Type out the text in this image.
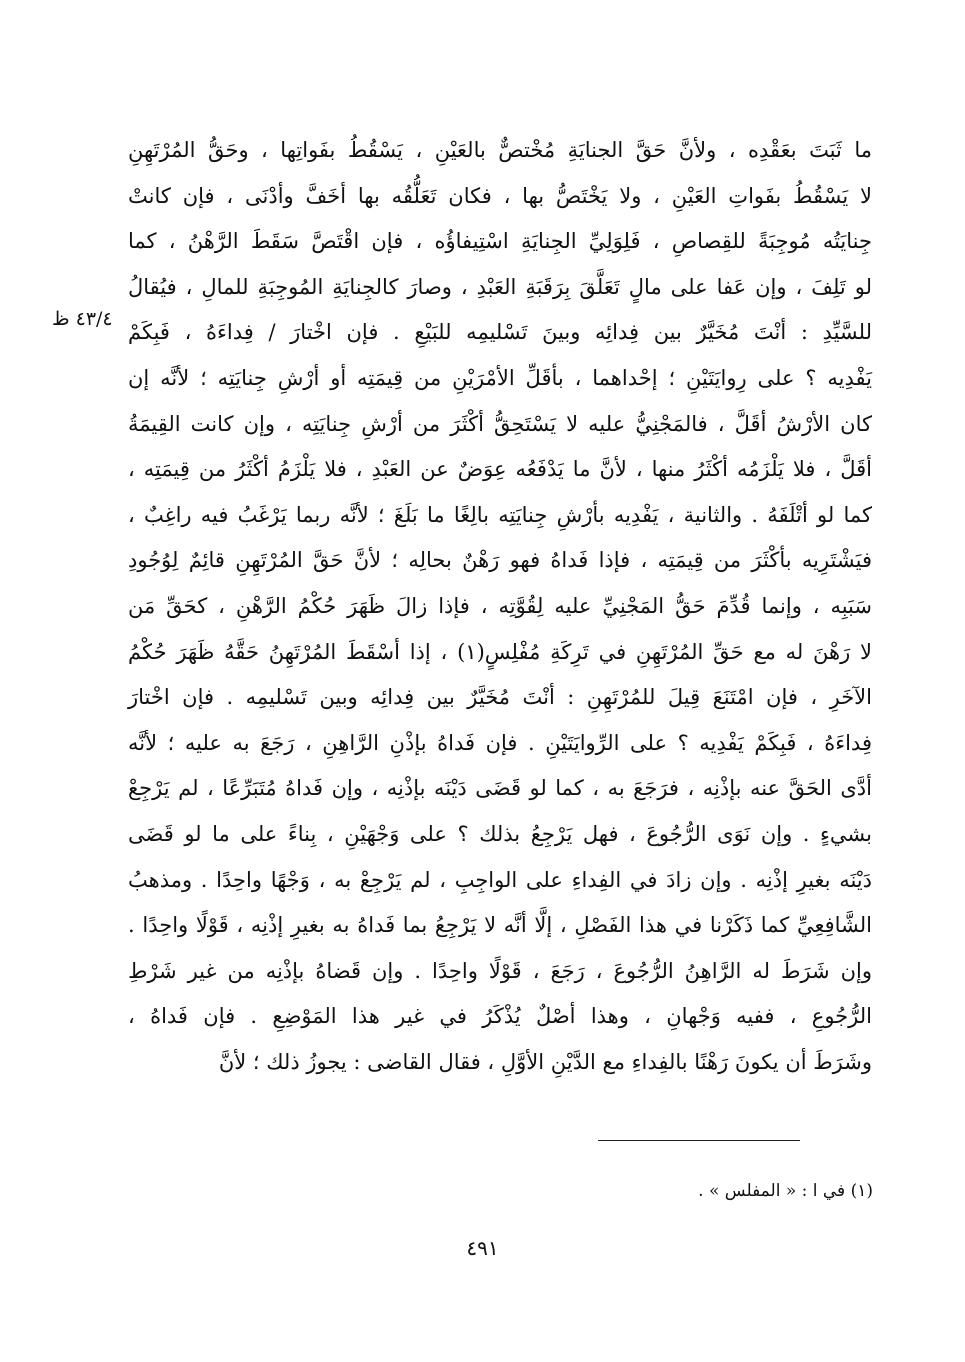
ما ثَبَتَ بعَقْدِه ، ولأنَّ حَقَّ الجنايَةِ مُخْتصٌّ بالعَيْنِ ، يَسْقُطُ بفَواتِها ، وحَقُّ المُرْتَهِنِ
لا يَسْقُطُ بفَواتِ العَيْنِ ، ولا يَخْتَصُّ بها ، فكان تَعَلُّقُه بها أخَفَّ وأدْنَى ، فإن كانتْ
جِنايَتُه مُوجِبَةً للقِصاصِ ، فَلِوَلِيِّ الجِنايَةِ اسْتِيفاؤُه ، فإن اقْتَصَّ سَقَطَ الرَّهْنُ ، كما
لو تَلِفَ ، وإن عَفا على مالٍ تَعَلَّقَ بِرَقَبَةِ العَبْدِ ، وصارَ كالجِنايَةِ المُوجِبَةِ للمالِ ، فيُقالُ
للسَّيِّدِ : أنْتَ مُخَيَّرٌ بين فِدائِه وبينَ تَسْليمِه للبَيْعِ . فإن اخْتارَ / فِداءَهُ ، فَبِكَمْ
يَفْدِيه ؟ على رِوايَتَيْنِ ؛ إحْداهما ، بأقَلِّ الأمْرَيْنِ من قِيمَتِه أو أرْشِ جِنايَتِه ؛ لأنَّه إن
كان الأرْشُ أقَلَّ ، فالمَجْنِيُّ عليه لا يَسْتَحِقُّ أكْثَرَ من أرْشِ جِنايَتِه ، وإن كانت القِيمَةُ
أقَلَّ ، فلا يَلْزَمُه أكْثَرُ منها ، لأنَّ ما يَدْفَعُه عِوَضٌ عن العَبْدِ ، فلا يَلْزَمُ أكْثَرُ من قِيمَتِه ،
كما لو أتْلَفَهُ . والثانية ، يَفْدِيه بأرْشِ جِنايَتِه بالِغًا ما بَلَغَ ؛ لأنَّه ربما يَرْغَبُ فيه راغِبٌ ،
فيَشْتَرِيه بأكْثَرَ من قِيمَتِه ، فإذا فَداهُ فهو رَهْنٌ بحالِه ؛ لأنَّ حَقَّ المُرْتَهِنِ قائِمٌ لِوُجُودِ
سَبَبِه ، وإنما قُدِّمَ حَقُّ المَجْنِيِّ عليه لِقُوَّتِه ، فإذا زالَ ظَهَرَ حُكْمُ الرَّهْنِ ، كحَقِّ مَن
لا رَهْنَ له مع حَقِّ المُرْتَهِنِ في تَرِكَةِ مُفْلِسٍ(١) ، إذا أسْقَطَ المُرْتَهِنُ حَقَّهُ ظَهَرَ حُكْمُ
الآخَرِ ، فإن امْتَنَعَ قِيلَ للمُرْتَهِنِ : أنْتَ مُخَيَّرٌ بين فِدائِه وبين تَسْليمِه . فإن اخْتارَ
فِداءَهُ ، فَبِكَمْ يَفْدِيه ؟ على الرِّوايَتَيْنِ . فإن فَداهُ بإذْنِ الرَّاهِنِ ، رَجَعَ به عليه ؛ لأنَّه
أدَّى الحَقَّ عنه بإذْنِه ، فرَجَعَ به ، كما لو قَضَى دَيْنَه بإذْنِه ، وإن فَداهُ مُتَبَرِّعًا ، لم يَرْجِعْ
بشيءٍ . وإن نَوَى الرُّجُوعَ ، فهل يَرْجِعُ بذلك ؟ على وَجْهَيْنِ ، بِناءً على ما لو قَضَى
دَيْنَه بغيرِ إذْنِه . وإن زادَ في الفِداءِ على الواجِبِ ، لم يَرْجِعْ به ، وَجْهًا واحِدًا . ومذهبُ
الشَّافِعِيِّ كما ذَكَرْنا في هذا الفَصْلِ ، إلَّا أنَّه لا يَرْجِعُ بما فَداهُ به بغيرِ إذْنِه ، قَوْلًا واحِدًا .
وإن شَرَطَ له الرَّاهِنُ الرُّجُوعَ ، رَجَعَ ، قَوْلًا واحِدًا . وإن قَضاهُ بإذْنِه من غير شَرْطِ
الرُّجُوعِ ، ففيه وَجْهانِ ، وهذا أصْلٌ يُذْكَرُ في غير هذا المَوْضِعِ . فإن فَداهُ ،
وشَرَطَ أن يكونَ رَهْنًا بالفِداءِ مع الدَّيْنِ الأوَّلِ ، فقال القاضى : يجوزُ ذلك ؛ لأنَّ
٤٣/٤ ظ
(١) في ا : « المفلس » .
٤٩١
